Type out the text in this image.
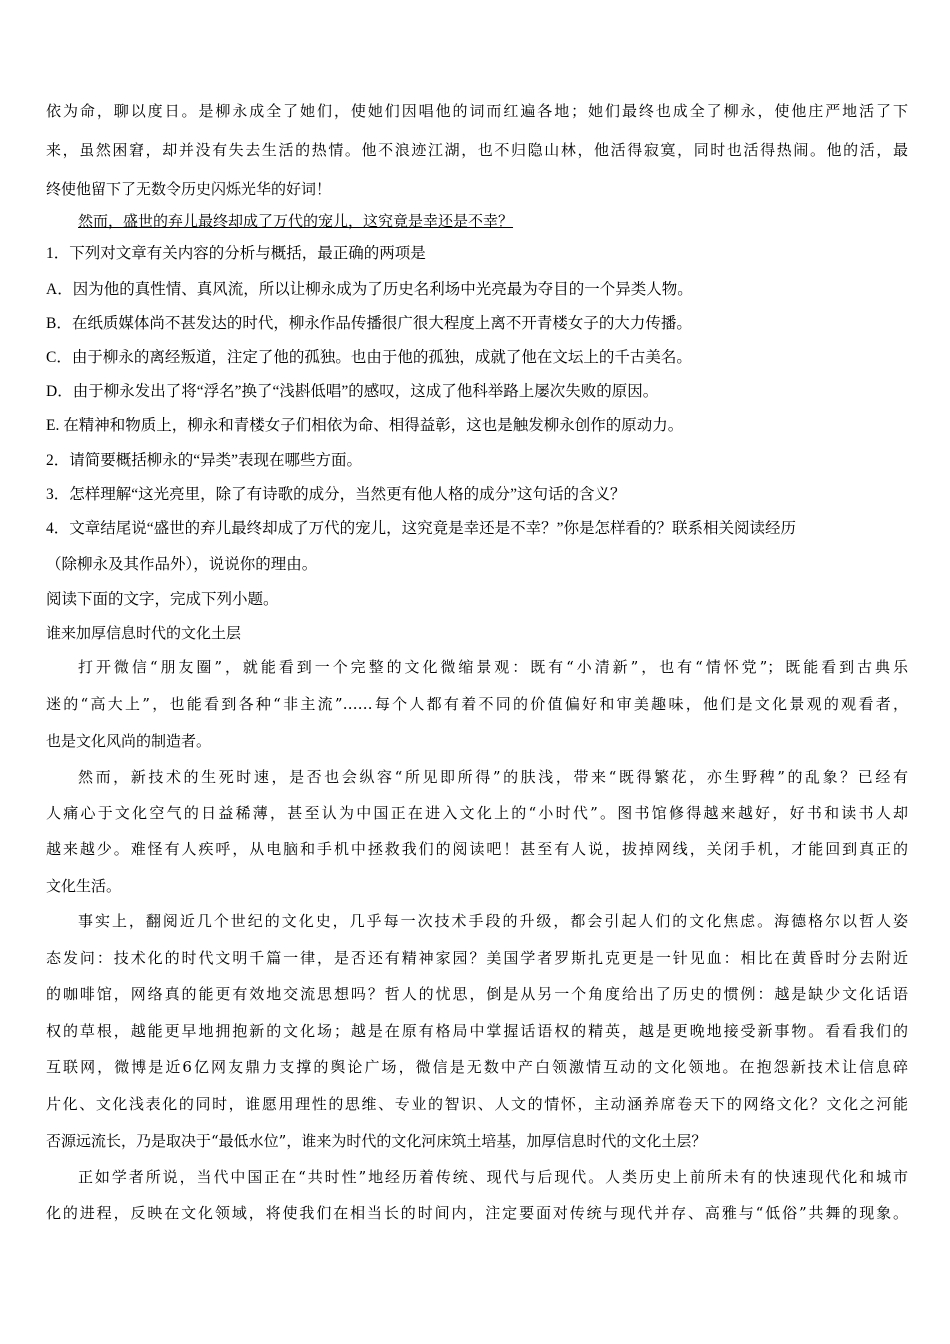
依为命，聊以度日。是柳永成全了她们，使她们因唱他的词而红遍各地；她们最终也成全了柳永，使他庄严地活了下

来，虽然困窘，却并没有失去生活的热情。他不浪迹江湖，也不归隐山林，他活得寂寞，同时也活得热闹。他的活，最

终使他留下了无数令历史闪烁光华的好词！

然而，盛世的弃儿最终却成了万代的宠儿，这究竟是幸还是不幸？

1．下列对文章有关内容的分析与概括，最正确的两项是

A．因为他的真性情、真风流，所以让柳永成为了历史名利场中光亮最为夺目的一个异类人物。

B．在纸质媒体尚不甚发达的时代，柳永作品传播很广很大程度上离不开青楼女子的大力传播。

C．由于柳永的离经叛道，注定了他的孤独。也由于他的孤独，成就了他在文坛上的千古美名。

D．由于柳永发出了将“浮名”换了“浅斟低唱”的感叹，这成了他科举路上屡次失败的原因。

E. 在精神和物质上，柳永和青楼女子们相依为命、相得益彰，这也是触发柳永创作的原动力。

2．请简要概括柳永的“异类”表现在哪些方面。

3．怎样理解“这光亮里，除了有诗歌的成分，当然更有他人格的成分”这句话的含义？

4．文章结尾说“盛世的弃儿最终却成了万代的宠儿，这究竟是幸还是不幸？”你是怎样看的？联系相关阅读经历

（除柳永及其作品外），说说你的理由。

阅读下面的文字，完成下列小题。

谁来加厚信息时代的文化土层

打开微信“朋友圈”，就能看到一个完整的文化微缩景观：既有“小清新”，也有“情怀党”；既能看到古典乐

迷的“高大上”，也能看到各种“非主流”……每个人都有着不同的价值偏好和审美趣味，他们是文化景观的观看者，

也是文化风尚的制造者。

然而，新技术的生死时速，是否也会纵容“所见即所得”的肤浅，带来“既得繁花，亦生野稗”的乱象？已经有

人痛心于文化空气的日益稀薄，甚至认为中国正在进入文化上的“小时代”。图书馆修得越来越好，好书和读书人却

越来越少。难怪有人疾呼，从电脑和手机中拯救我们的阅读吧！甚至有人说，拔掉网线，关闭手机，才能回到真正的

文化生活。

事实上，翻阅近几个世纪的文化史，几乎每一次技术手段的升级，都会引起人们的文化焦虑。海德格尔以哲人姿

态发问：技术化的时代文明千篇一律，是否还有精神家园？美国学者罗斯扎克更是一针见血：相比在黄昏时分去附近

的咖啡馆，网络真的能更有效地交流思想吗？哲人的忧思，倒是从另一个角度给出了历史的惯例：越是缺少文化话语

权的草根，越能更早地拥抱新的文化场；越是在原有格局中掌握话语权的精英，越是更晚地接受新事物。看看我们的

互联网，微博是近6亿网友鼎力支撑的舆论广场，微信是无数中产白领激情互动的文化领地。在抱怨新技术让信息碎

片化、文化浅表化的同时，谁愿用理性的思维、专业的智识、人文的情怀，主动涵养席卷天下的网络文化？文化之河能

否源远流长，乃是取决于“最低水位”，谁来为时代的文化河床筑土培基，加厚信息时代的文化土层？

正如学者所说，当代中国正在“共时性”地经历着传统、现代与后现代。人类历史上前所未有的快速现代化和城市

化的进程，反映在文化领域，将使我们在相当长的时间内，注定要面对传统与现代并存、高雅与“低俗”共舞的现象。
